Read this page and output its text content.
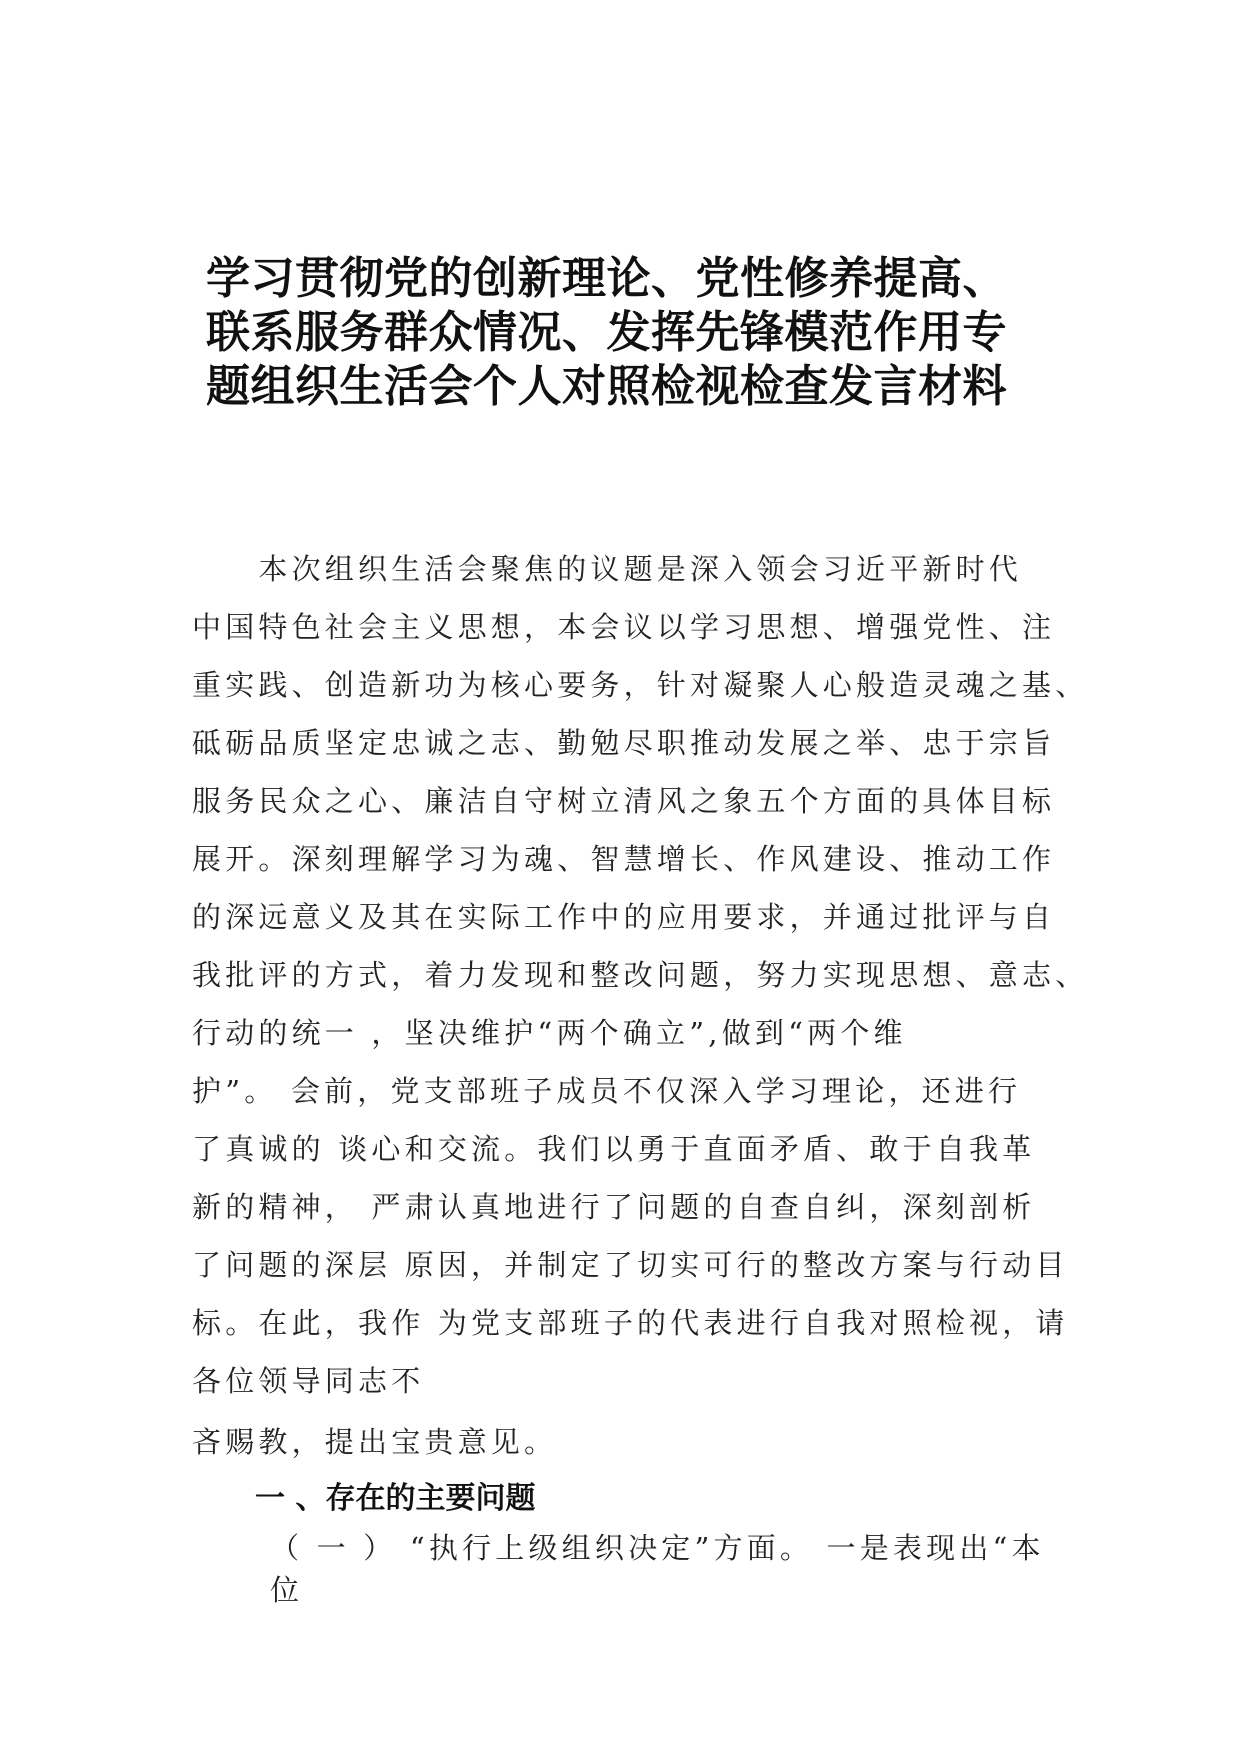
学习贯彻党的创新理论、党性修养提高、
联系服务群众情况、发挥先锋模范作用专
题组织生活会个人对照检视检查发言材料

　　本次组织生活会聚焦的议题是深入领会习近平新时代
中国特色社会主义思想，本会议以学习思想、增强党性、注
重实践、创造新功为核心要务，针对凝聚人心般造灵魂之基、
砥砺品质坚定忠诚之志、勤勉尽职推动发展之举、忠于宗旨
服务民众之心、廉洁自守树立清风之象五个方面的具体目标
展开。深刻理解学习为魂、智慧增长、作风建设、推动工作
的深远意义及其在实际工作中的应用要求，并通过批评与自
我批评的方式，着力发现和整改问题，努力实现思想、意志、
行动的统一 ，坚决维护“两个确立”,做到“两个维
护”。 会前，党支部班子成员不仅深入学习理论，还进行
了真诚的 谈心和交流。我们以勇于直面矛盾、敢于自我革
新的精神， 严肃认真地进行了问题的自查自纠，深刻剖析
了问题的深层 原因，并制定了切实可行的整改方案与行动目
标。在此，我作 为党支部班子的代表进行自我对照检视，请
各位领导同志不

吝赐教，提出宝贵意见。

一 、存在的主要问题

（ 一 ） “执行上级组织决定”方面。 一是表现出“本
位
